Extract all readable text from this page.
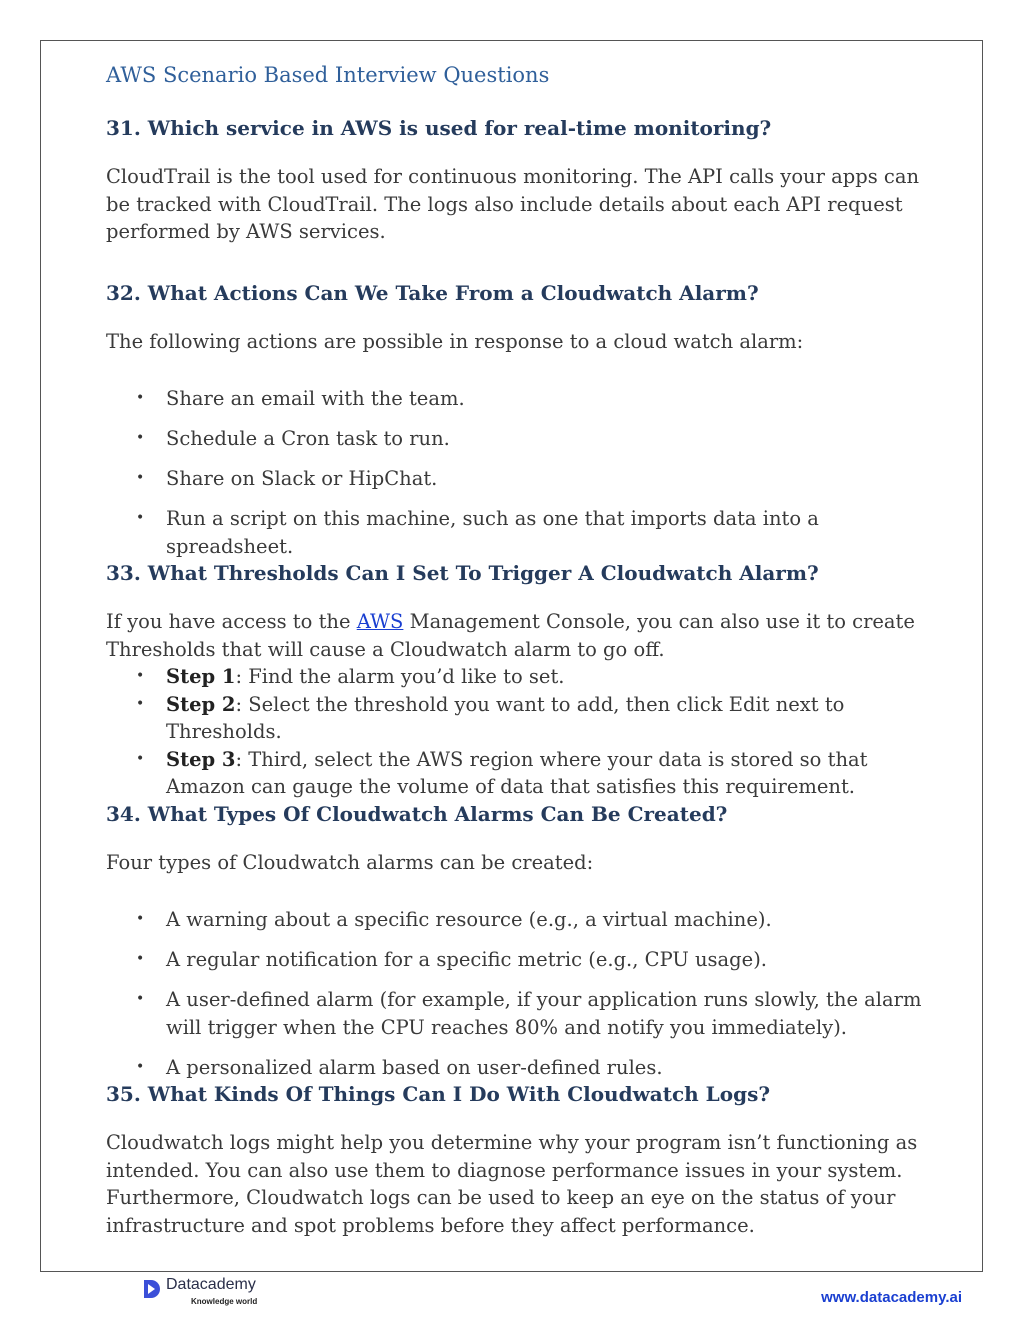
AWS Scenario Based Interview Questions
31. Which service in AWS is used for real-time monitoring?

CloudTrail is the tool used for continuous monitoring. The API calls your apps can be tracked with CloudTrail. The logs also include details about each API request performed by AWS services.

32. What Actions Can We Take From a Cloudwatch Alarm?

The following actions are possible in response to a cloud watch alarm:

• Share an email with the team.
• Schedule a Cron task to run.
• Share on Slack or HipChat.
• Run a script on this machine, such as one that imports data into a spreadsheet.
33. What Thresholds Can I Set To Trigger A Cloudwatch Alarm?

If you have access to the AWS Management Console, you can also use it to create Thresholds that will cause a Cloudwatch alarm to go off.

• Step 1: Find the alarm you’d like to set.
• Step 2: Select the threshold you want to add, then click Edit next to Thresholds.
• Step 3: Third, select the AWS region where your data is stored so that Amazon can gauge the volume of data that satisfies this requirement.
34. What Types Of Cloudwatch Alarms Can Be Created?

Four types of Cloudwatch alarms can be created:

• A warning about a specific resource (e.g., a virtual machine).
• A regular notification for a specific metric (e.g., CPU usage).
• A user-defined alarm (for example, if your application runs slowly, the alarm will trigger when the CPU reaches 80% and notify you immediately).
• A personalized alarm based on user-defined rules.
35. What Kinds Of Things Can I Do With Cloudwatch Logs?

Cloudwatch logs might help you determine why your program isn’t functioning as intended. You can also use them to diagnose performance issues in your system. Furthermore, Cloudwatch logs can be used to keep an eye on the status of your infrastructure and spot problems before they affect performance.

Datacademy
Knowledge world	www.datacademy.ai
